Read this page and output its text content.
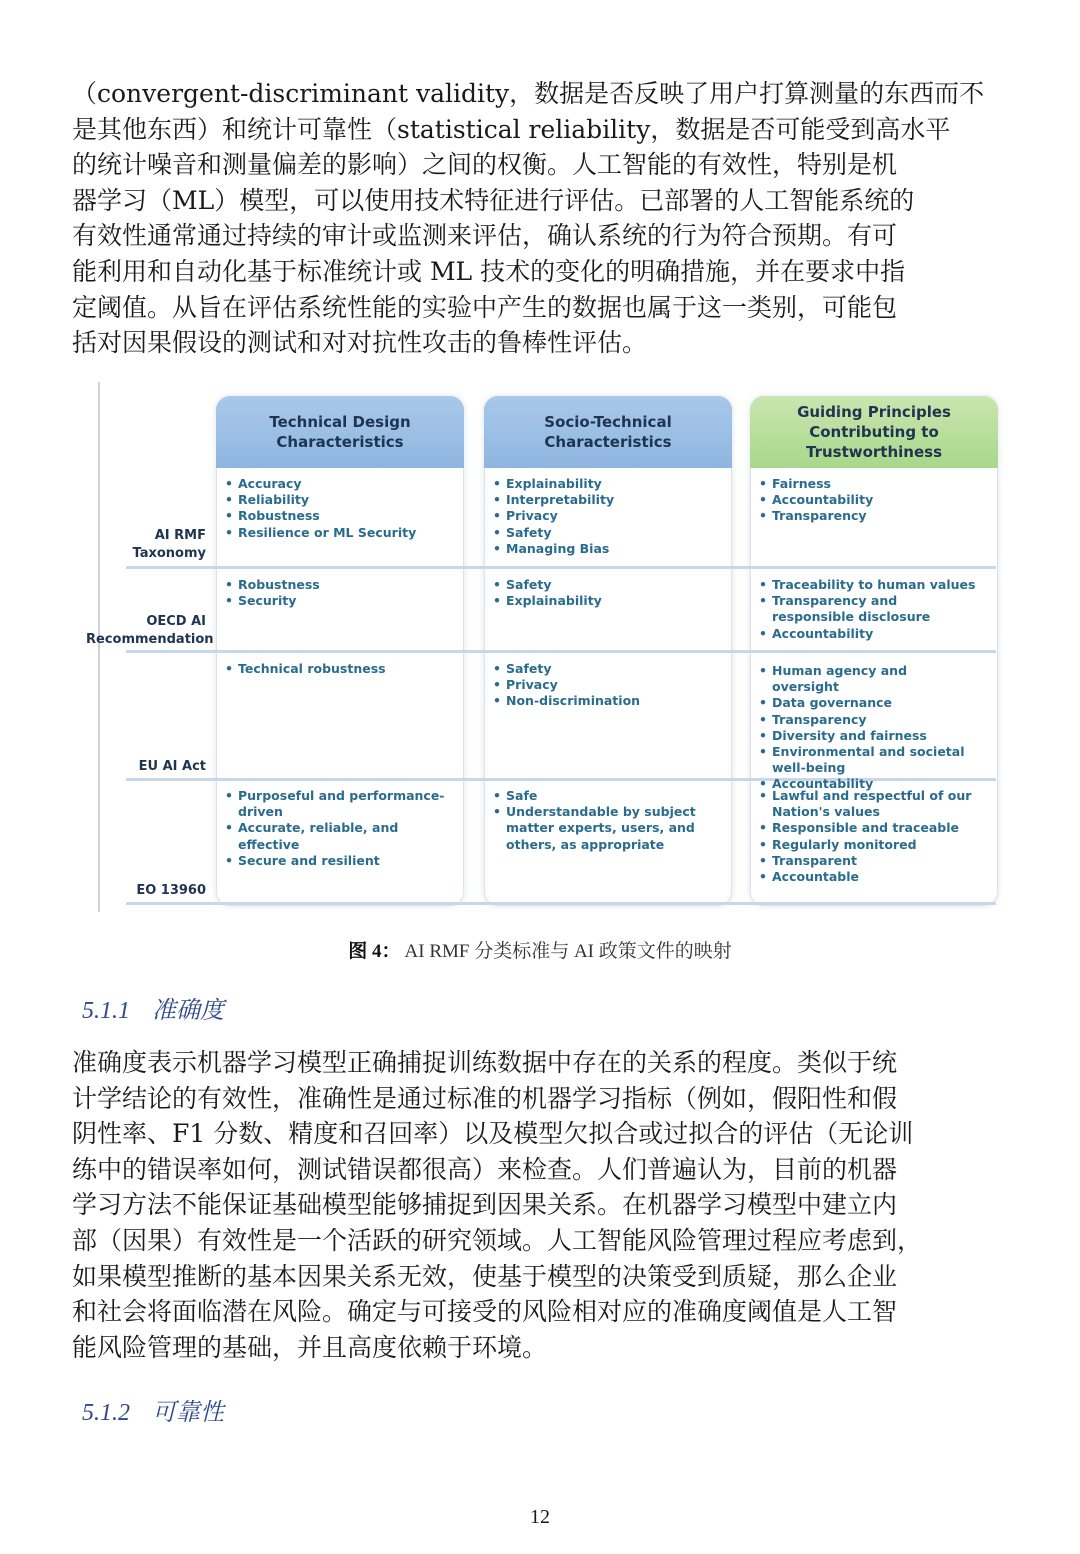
（convergent-discriminant validity，数据是否反映了用户打算测量的东西而不
是其他东西）和统计可靠性（statistical reliability，数据是否可能受到高水平
的统计噪音和测量偏差的影响）之间的权衡。人工智能的有效性，特别是机
器学习（ML）模型，可以使用技术特征进行评估。已部署的人工智能系统的
有效性通常通过持续的审计或监测来评估，确认系统的行为符合预期。有可
能利用和自动化基于标准统计或 ML 技术的变化的明确措施，并在要求中指
定阈值。从旨在评估系统性能的实验中产生的数据也属于这一类别，可能包
括对因果假设的测试和对对抗性攻击的鲁棒性评估。
Technical Design Characteristics
Socio-Technical Characteristics
Guiding Principles Contributing to Trustworthiness
AI RMF Taxonomy
OECD AI Recommendation
EU AI Act
EO 13960
• Accuracy
• Reliability
• Robustness
• Resilience or ML Security
• Explainability
• Interpretability
• Privacy
• Safety
• Managing Bias
• Fairness
• Accountability
• Transparency
• Robustness
• Security
• Safety
• Explainability
• Traceability to human values
• Transparency and responsible disclosure
• Accountability
• Technical robustness
•	Safety
• Privacy
• Non-discrimination
• Human agency and oversight
• Data governance
• Transparency
• Diversity and fairness
• Environmental and societal well-being
• Accountability
• Purposeful and performance-driven
• Accurate, reliable, and effective
• Secure and resilient
• Safe
• Understandable by subject matter experts, users, and others, as appropriate
• Lawful and respectful of our Nation's values
• Responsible and traceable
• Regularly monitored
• Transparent
• Accountable
图 4： AI RMF 分类标准与 AI 政策文件的映射
5.1.1 准确度
准确度表示机器学习模型正确捕捉训练数据中存在的关系的程度。类似于统
计学结论的有效性，准确性是通过标准的机器学习指标（例如，假阳性和假
阴性率、F1 分数、精度和召回率）以及模型欠拟合或过拟合的评估（无论训
练中的错误率如何，测试错误都很高）来检查。人们普遍认为，目前的机器
学习方法不能保证基础模型能够捕捉到因果关系。在机器学习模型中建立内
部（因果）有效性是一个活跃的研究领域。人工智能风险管理过程应考虑到，
如果模型推断的基本因果关系无效，使基于模型的决策受到质疑，那么企业
和社会将面临潜在风险。确定与可接受的风险相对应的准确度阈值是人工智
能风险管理的基础，并且高度依赖于环境。
5.1.2 可靠性
12
